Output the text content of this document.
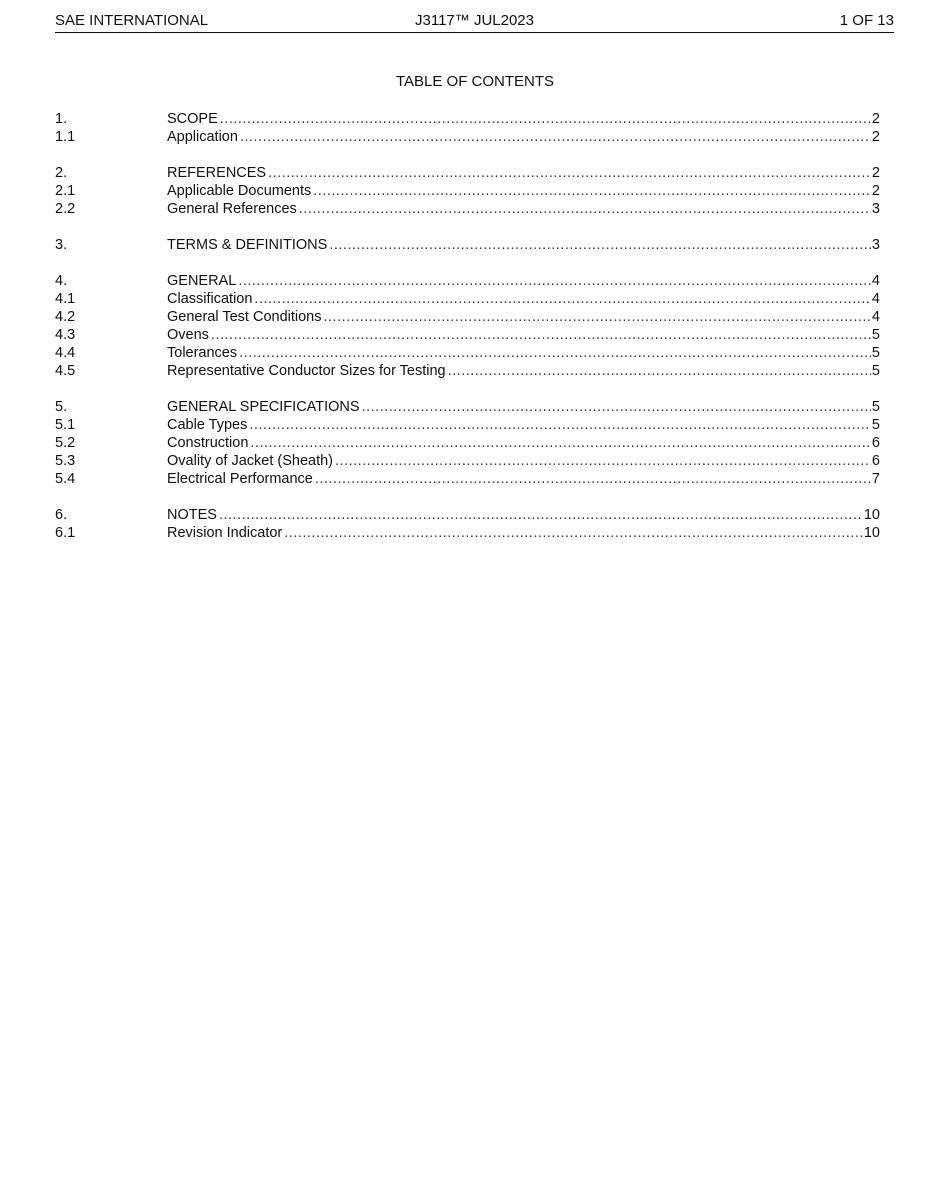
SAE INTERNATIONAL	J3117™ JUL2023	1 OF 13
TABLE OF CONTENTS
1.	SCOPE .....	2
1.1	Application .....	2
2.	REFERENCES .....	2
2.1	Applicable Documents .....	2
2.2	General References .....	3
3.	TERMS & DEFINITIONS .....	3
4.	GENERAL .....	4
4.1	Classification .....	4
4.2	General Test Conditions .....	4
4.3	Ovens .....	5
4.4	Tolerances .....	5
4.5	Representative Conductor Sizes for Testing .....	5
5.	GENERAL SPECIFICATIONS .....	5
5.1	Cable Types .....	5
5.2	Construction .....	6
5.3	Ovality of Jacket (Sheath) .....	6
5.4	Electrical Performance .....	7
6.	NOTES .....	10
6.1	Revision Indicator .....	10
